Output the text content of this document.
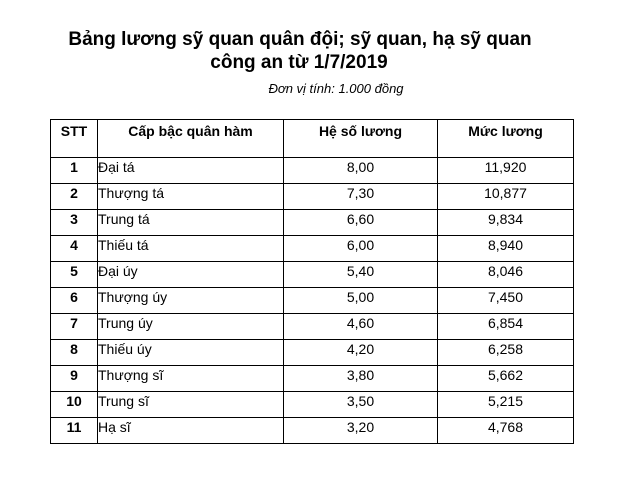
Bảng lương sỹ quan quân đội; sỹ quan, hạ sỹ quan
công an từ 1/7/2019
Đơn vị tính: 1.000 đồng
STT	Cấp bậc quân hàm	Hệ số lương	Mức lương
1	Đại tá	8,00	11,920
2	Thượng tá	7,30	10,877
3	Trung tá	6,60	9,834
4	Thiếu tá	6,00	8,940
5	Đại úy	5,40	8,046
6	Thượng úy	5,00	7,450
7	Trung úy	4,60	6,854
8	Thiếu úy	4,20	6,258
9	Thượng sĩ	3,80	5,662
10	Trung sĩ	3,50	5,215
11	Hạ sĩ	3,20	4,768
